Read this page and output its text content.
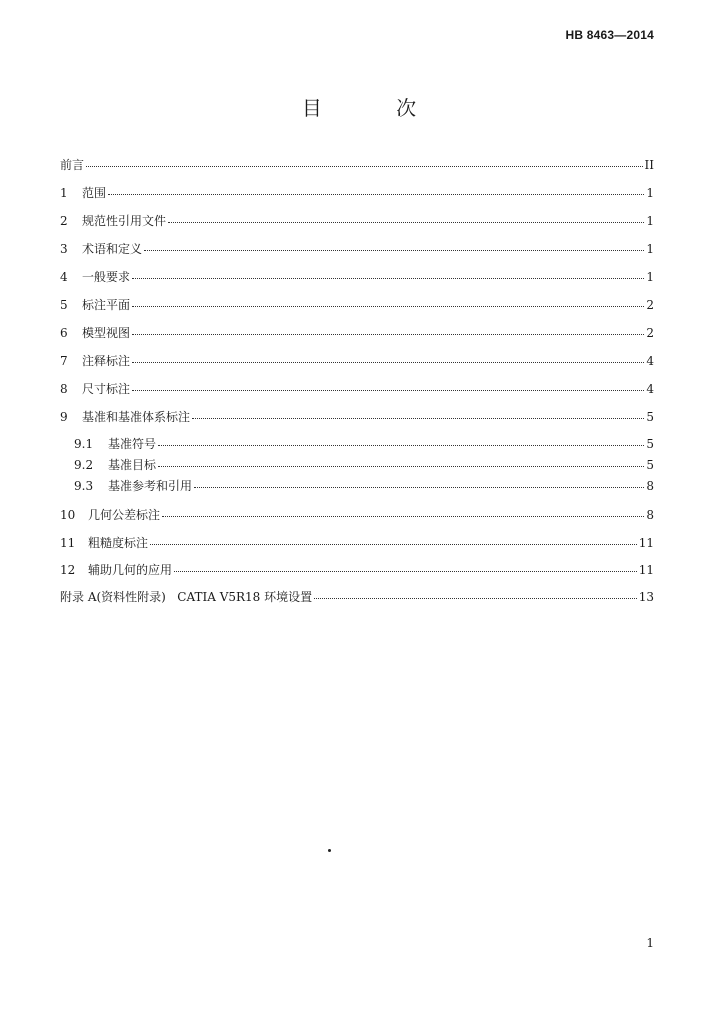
HB 8463—2014
目 次
前言	II
1 范围	1
2 规范性引用文件	1
3 术语和定义	1
4 一般要求	1
5 标注平面	2
6 模型视图	2
7 注释标注	4
8 尺寸标注	4
9 基准和基准体系标注	5
9.1 基准符号	5
9.2 基准目标	5
9.3 基准参考和引用	8
10 几何公差标注	8
11 粗糙度标注	11
12 辅助几何的应用	11
附录 A(资料性附录)   CATIA V5R18 环境设置	13
1
